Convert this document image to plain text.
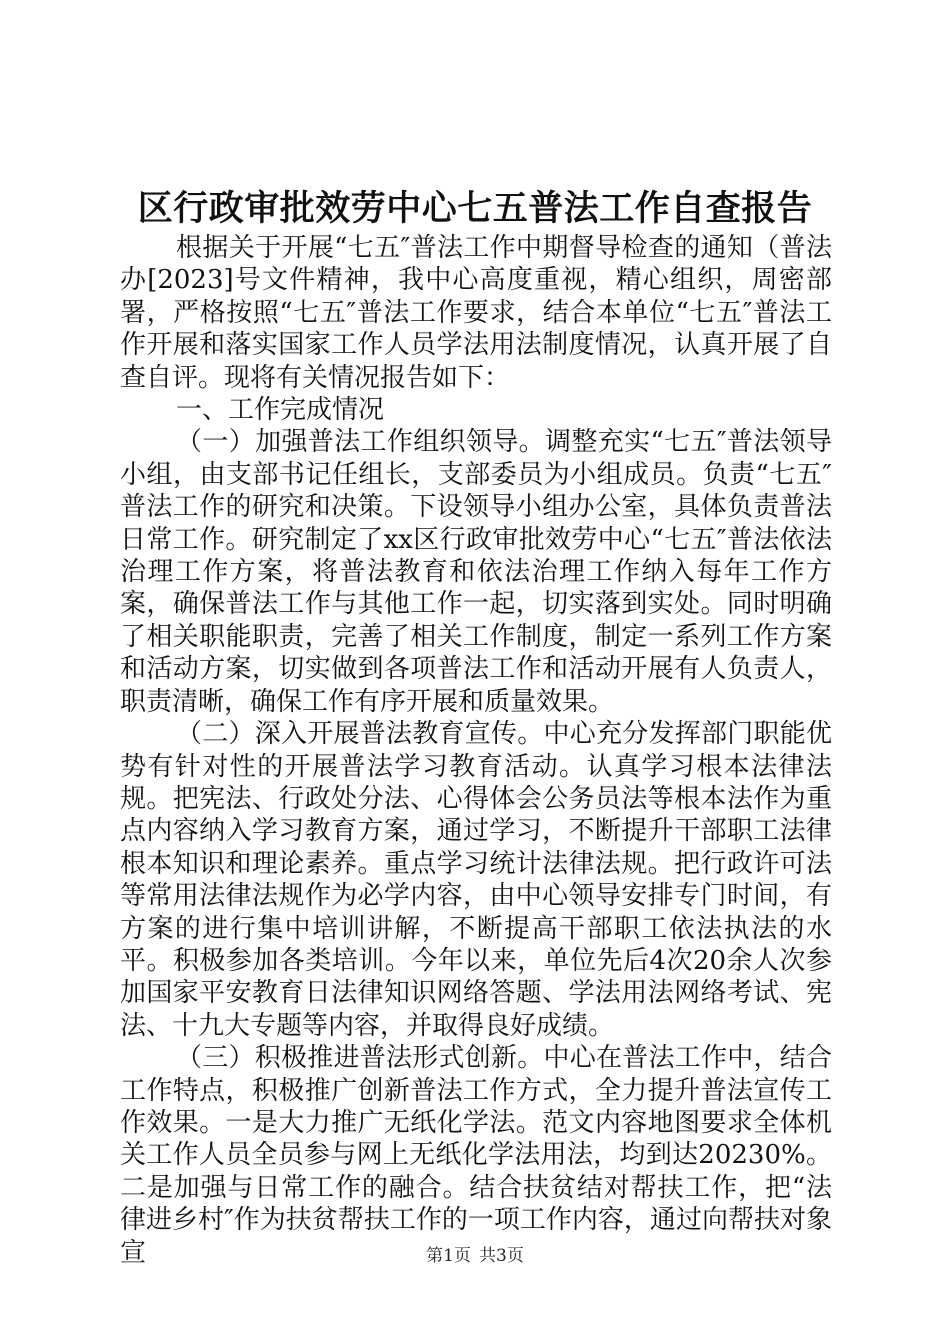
区行政审批效劳中心七五普法工作自查报告

根据关于开展“七五″普法工作中期督导检查的通知（普法办[2023]号文件精神，我中心高度重视，精心组织，周密部署，严格按照“七五″普法工作要求，结合本单位“七五″普法工作开展和落实国家工作人员学法用法制度情况，认真开展了自查自评。现将有关情况报告如下：

一、工作完成情况

（一）加强普法工作组织领导。调整充实“七五″普法领导小组，由支部书记任组长，支部委员为小组成员。负责“七五″普法工作的研究和决策。下设领导小组办公室，具体负责普法日常工作。研究制定了xx区行政审批效劳中心“七五″普法依法治理工作方案，将普法教育和依法治理工作纳入每年工作方案，确保普法工作与其他工作一起，切实落到实处。同时明确了相关职能职责，完善了相关工作制度，制定一系列工作方案和活动方案，切实做到各项普法工作和活动开展有人负责人，职责清晰，确保工作有序开展和质量效果。

（二）深入开展普法教育宣传。中心充分发挥部门职能优势有针对性的开展普法学习教育活动。认真学习根本法律法规。把宪法、行政处分法、心得体会公务员法等根本法作为重点内容纳入学习教育方案，通过学习，不断提升干部职工法律根本知识和理论素养。重点学习统计法律法规。把行政许可法等常用法律法规作为必学内容，由中心领导安排专门时间，有方案的进行集中培训讲解，不断提高干部职工依法执法的水平。积极参加各类培训。今年以来，单位先后4次20余人次参加国家平安教育日法律知识网络答题、学法用法网络考试、宪法、十九大专题等内容，并取得良好成绩。

（三）积极推进普法形式创新。中心在普法工作中，结合工作特点，积极推广创新普法工作方式，全力提升普法宣传工作效果。一是大力推广无纸化学法。范文内容地图要求全体机关工作人员全员参与网上无纸化学法用法，均到达20230%。二是加强与日常工作的融合。结合扶贫结对帮扶工作，把“法律进乡村″作为扶贫帮扶工作的一项工作内容，通过向帮扶对象宣	第1页 共3页
